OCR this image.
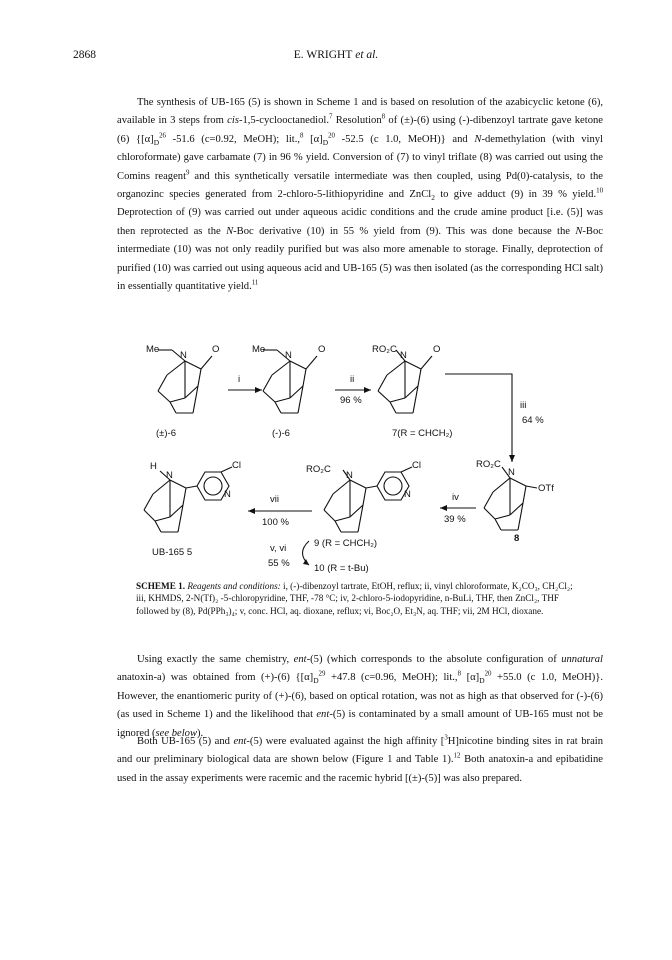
2868	E. WRIGHT et al.

The synthesis of UB-165 (5) is shown in Scheme 1 and is based on resolution of the azabicyclic ketone (6), available in 3 steps from cis-1,5-cyclooctanediol.$^7$ Resolution$^8$ of (±)-(6) using (-)-dibenzoyl tartrate gave ketone (6) {$[\alpha]_D^{26}$ -51.6 (c=0.92, MeOH); lit.,$^8$ $[\alpha]_D^{20}$ -52.5 (c 1.0, MeOH)} and N-demethylation (with vinyl chloroformate) gave carbamate (7) in 96 % yield. Conversion of (7) to vinyl triflate (8) was carried out using the Comins reagent$^9$ and this synthetically versatile intermediate was then coupled, using Pd(0)-catalysis, to the organozinc species generated from 2-chloro-5-lithiopyridine and ZnCl$_2$ to give adduct (9) in 39 % yield.$^{10}$ Deprotection of (9) was carried out under aqueous acidic conditions and the crude amine product [i.e. (5)] was then reprotected as the N-Boc derivative (10) in 55 % yield from (9). This was done because the N-Boc intermediate (10) was not only readily purified but was also more amenable to storage. Finally, deprotection of purified (10) was carried out using aqueous acid and UB-165 (5) was then isolated (as the corresponding HCl salt) in essentially quantitative yield.$^{11}$

Me
N
O
(±)-6
i
Me
N
O
(-)-6
ii
96 %
RO₂C
N
O
7(R = CHCH₂)
iii
64 %
RO₂C
N
OTf
8
iv
39 %
RO₂C
N
Cl
N
vii
100 %
H
N
Cl
N
UB-165 5	v, vi
55 %
9 (R = CHCH₂)
10 (R = t-Bu)

SCHEME 1. Reagents and conditions: i, (-)-dibenzoyl tartrate, EtOH, reflux; ii, vinyl chloroformate, K₂CO₃, CH₂Cl₂; iii, KHMDS, 2-N(Tf)₂ -5-chloropyridine, THF, -78 °C; iv, 2-chloro-5-iodopyridine, n-BuLi, THF, then ZnCl₂, THF followed by (8), Pd(PPh₃)₄; v, conc. HCl, aq. dioxane, reflux; vi, Boc₂O, Et₃N, aq. THF; vii, 2M HCl, dioxane.

Using exactly the same chemistry, ent-(5) (which corresponds to the absolute configuration of unnatural anatoxin-a) was obtained from (+)-(6) {$[\alpha]_D^{29} +47.8$ (c=0.96, MeOH); lit.,$^8$ $[\alpha]_D^{20} +55.0$ (c 1.0, MeOH)}. However, the enantiomeric purity of (+)-(6), based on optical rotation, was not as high as that observed for (-)-(6) (as used in Scheme 1) and the likelihood that ent-(5) is contaminated by a small amount of UB-165 must not be ignored (see below).

Both UB-165 (5) and ent-(5) were evaluated against the high affinity [$^3$H]nicotine binding sites in rat brain and our preliminary biological data are shown below (Figure 1 and Table 1).$^{12}$ Both anatoxin-a and epibatidine used in the assay experiments were racemic and the racemic hybrid [(±)-(5)] was also prepared.
